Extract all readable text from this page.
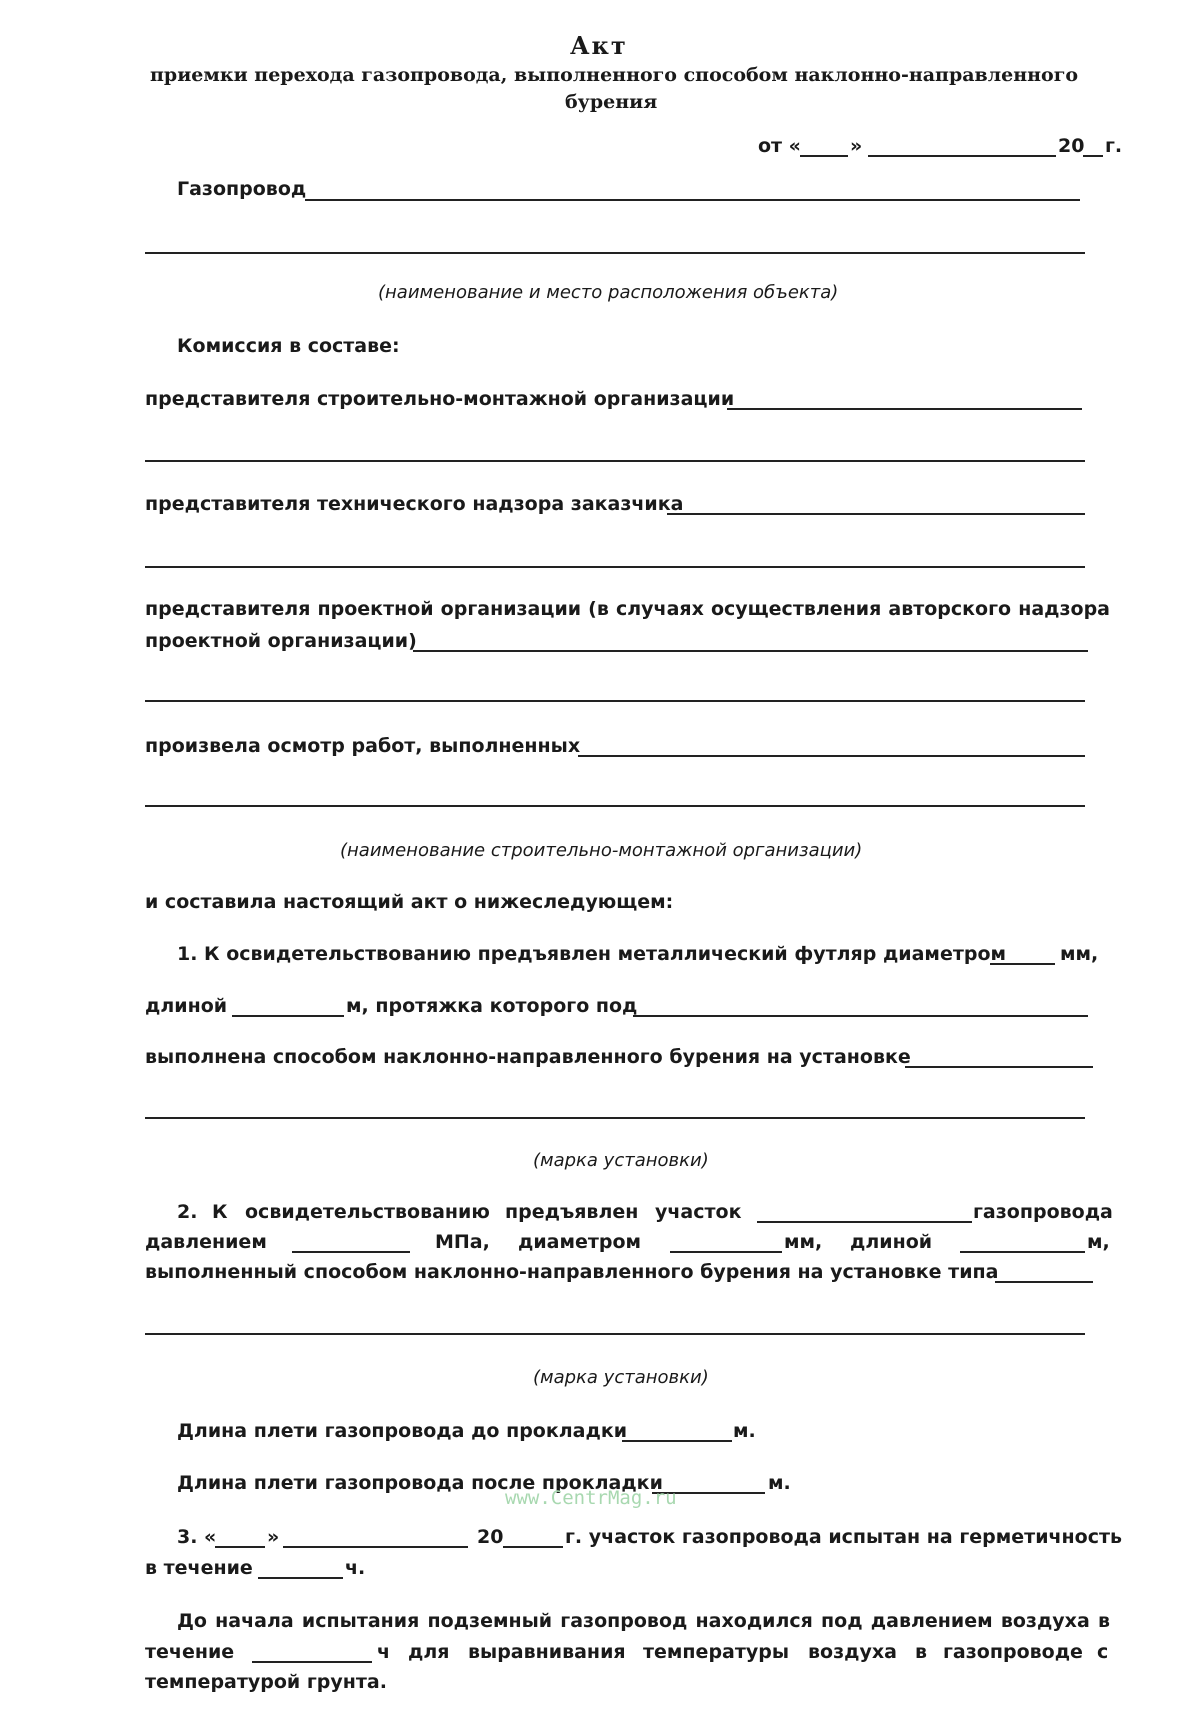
Акт
приемки перехода газопровода, выполненного способом наклонно-направленного
бурения
от «	»	20 г.
Газопровод
(наименование и место расположения объекта)
Комиссия в составе:
представителя строительно-монтажной организации
представителя технического надзора заказчика
представителя проектной организации (в случаях осуществления авторского надзора
проектной организации)
произвела осмотр работ, выполненных
(наименование строительно-монтажной организации)
и составила настоящий акт о нижеследующем:
1. К освидетельствованию предъявлен металлический футляр диаметром	мм,
длиной	м, протяжка которого под
выполнена способом наклонно-направленного бурения на установке
(марка установки)
2. К освидетельствованию предъявлен участок	газопровода
давлением	МПа, диаметром	мм, длиной	м,
выполненный способом наклонно-направленного бурения на установке типа
(марка установки)
Длина плети газопровода до прокладки	м.
Длина плети газопровода после прокладки	м.
www.CentrMag.ru
3. «	»	20	г. участок газопровода испытан на герметичность
в течение	ч.
До начала испытания подземный газопровод находился под давлением воздуха в
течение	ч для выравнивания температуры воздуха в газопроводе с
температурой грунта.
